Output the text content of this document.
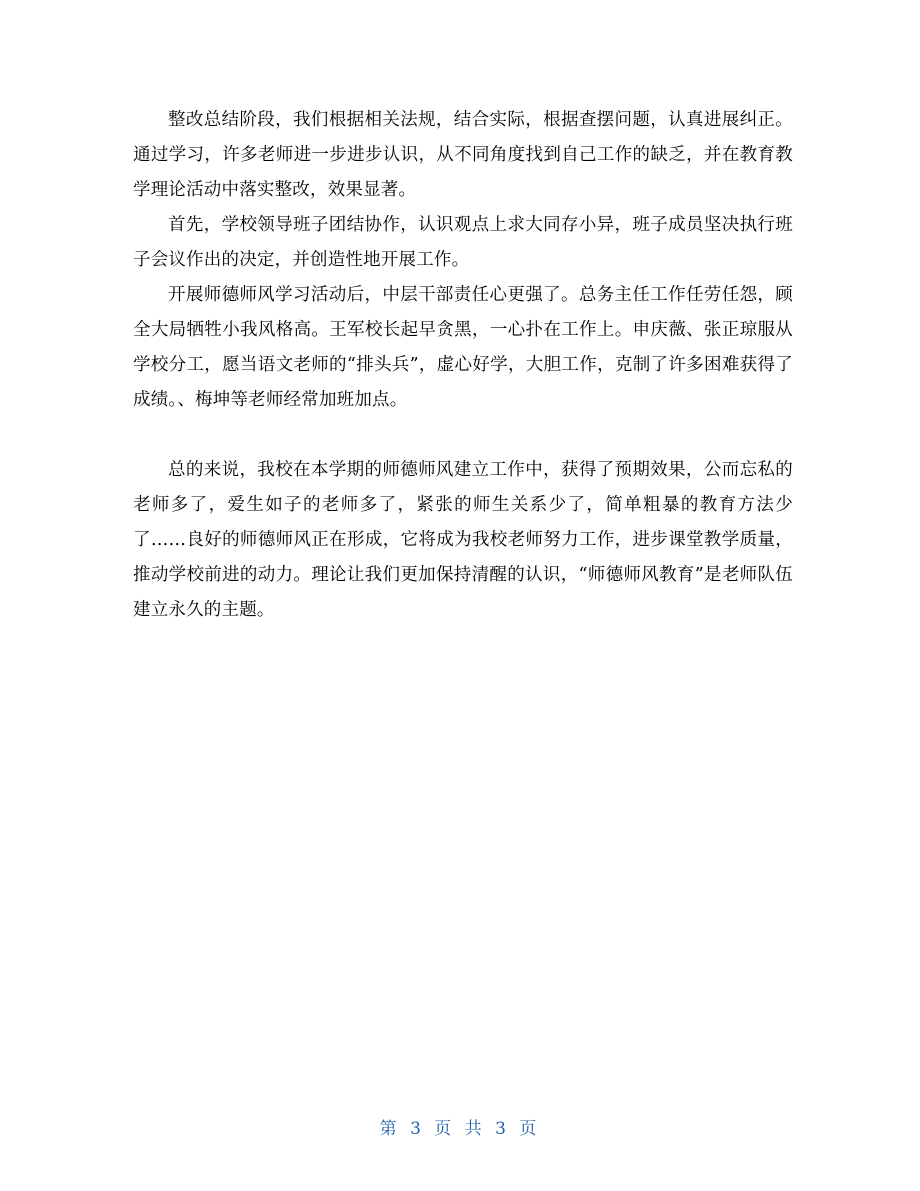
整改总结阶段，我们根据相关法规，结合实际，根据查摆问题，认真进展纠正。通过学习，许多老师进一步进步认识，从不同角度找到自己工作的缺乏，并在教育教学理论活动中落实整改，效果显著。

首先，学校领导班子团结协作，认识观点上求大同存小异，班子成员坚决执行班子会议作出的决定，并创造性地开展工作。

开展师德师风学习活动后，中层干部责任心更强了。总务主任工作任劳任怨，顾全大局牺牲小我风格高。王军校长起早贪黑，一心扑在工作上。申庆薇、张正琼服从学校分工，愿当语文老师的“排头兵”，虚心好学，大胆工作，克制了许多困难获得了成绩。、梅坤等老师经常加班加点。

总的来说，我校在本学期的师德师风建立工作中，获得了预期效果，公而忘私的老师多了，爱生如子的老师多了，紧张的师生关系少了，简单粗暴的教育方法少了……良好的师德师风正在形成，它将成为我校老师努力工作，进步课堂教学质量，推动学校前进的动力。理论让我们更加保持清醒的认识，“师德师风教育”是老师队伍建立永久的主题。

第 3 页 共 3 页
